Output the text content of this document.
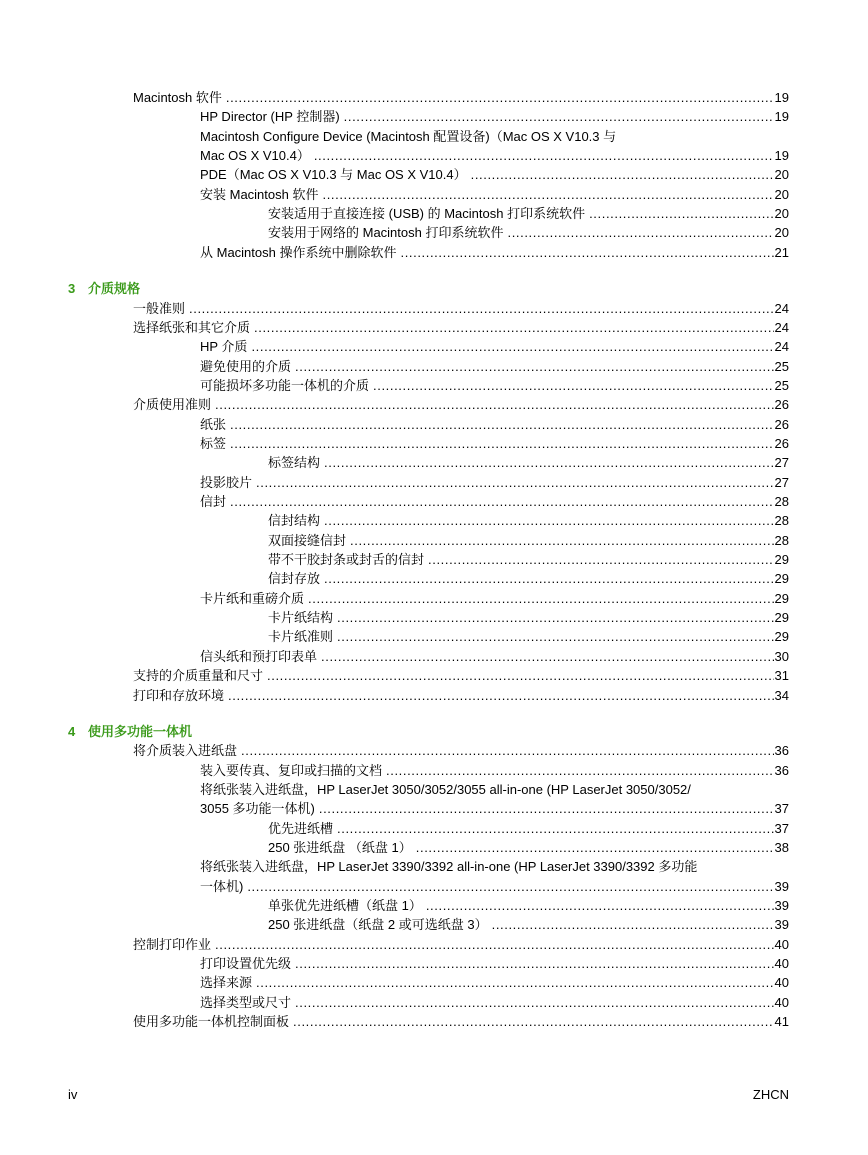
Macintosh 软件 .....	19
HP Director (HP 控制器) .....	19
Macintosh Configure Device (Macintosh 配置设备)（Mac OS X V10.3 与
Mac OS X V10.4） .....	19
PDE（Mac OS X V10.3 与 Mac OS X V10.4） .....	20
安装 Macintosh 软件 .....	20
安装适用于直接连接 (USB) 的 Macintosh 打印系统软件 .....	20
安装用于网络的 Macintosh 打印系统软件 .....	20
从 Macintosh 操作系统中删除软件 .....	21
3 介质规格
一般准则 .....	24
选择纸张和其它介质 .....	24
HP 介质 .....	24
避免使用的介质 .....	25
可能损坏多功能一体机的介质 .....	25
介质使用准则 .....	26
纸张 .....	26
标签 .....	26
标签结构 .....	27
投影胶片 .....	27
信封 .....	28
信封结构 .....	28
双面接缝信封 .....	28
带不干胶封条或封舌的信封 .....	29
信封存放 .....	29
卡片纸和重磅介质 .....	29
卡片纸结构 .....	29
卡片纸准则 .....	29
信头纸和预打印表单 .....	30
支持的介质重量和尺寸 .....	31
打印和存放环境 .....	34
4 使用多功能一体机
将介质装入进纸盘 .....	36
装入要传真、复印或扫描的文档 .....	36
将纸张装入进纸盘，HP LaserJet 3050/3052/3055 all-in-one (HP LaserJet 3050/3052/
3055 多功能一体机) .....	37
优先进纸槽 .....	37
250 张进纸盘 （纸盘 1） .....	38
将纸张装入进纸盘，HP LaserJet 3390/3392 all-in-one (HP LaserJet 3390/3392 多功能
一体机) .....	39
单张优先进纸槽（纸盘 1） .....	39
250 张进纸盘（纸盘 2 或可选纸盘 3） .....	39
控制打印作业 .....	40
打印设置优先级 .....	40
选择来源 .....	40
选择类型或尺寸 .....	40
使用多功能一体机控制面板 .....	41
iv	ZHCN
